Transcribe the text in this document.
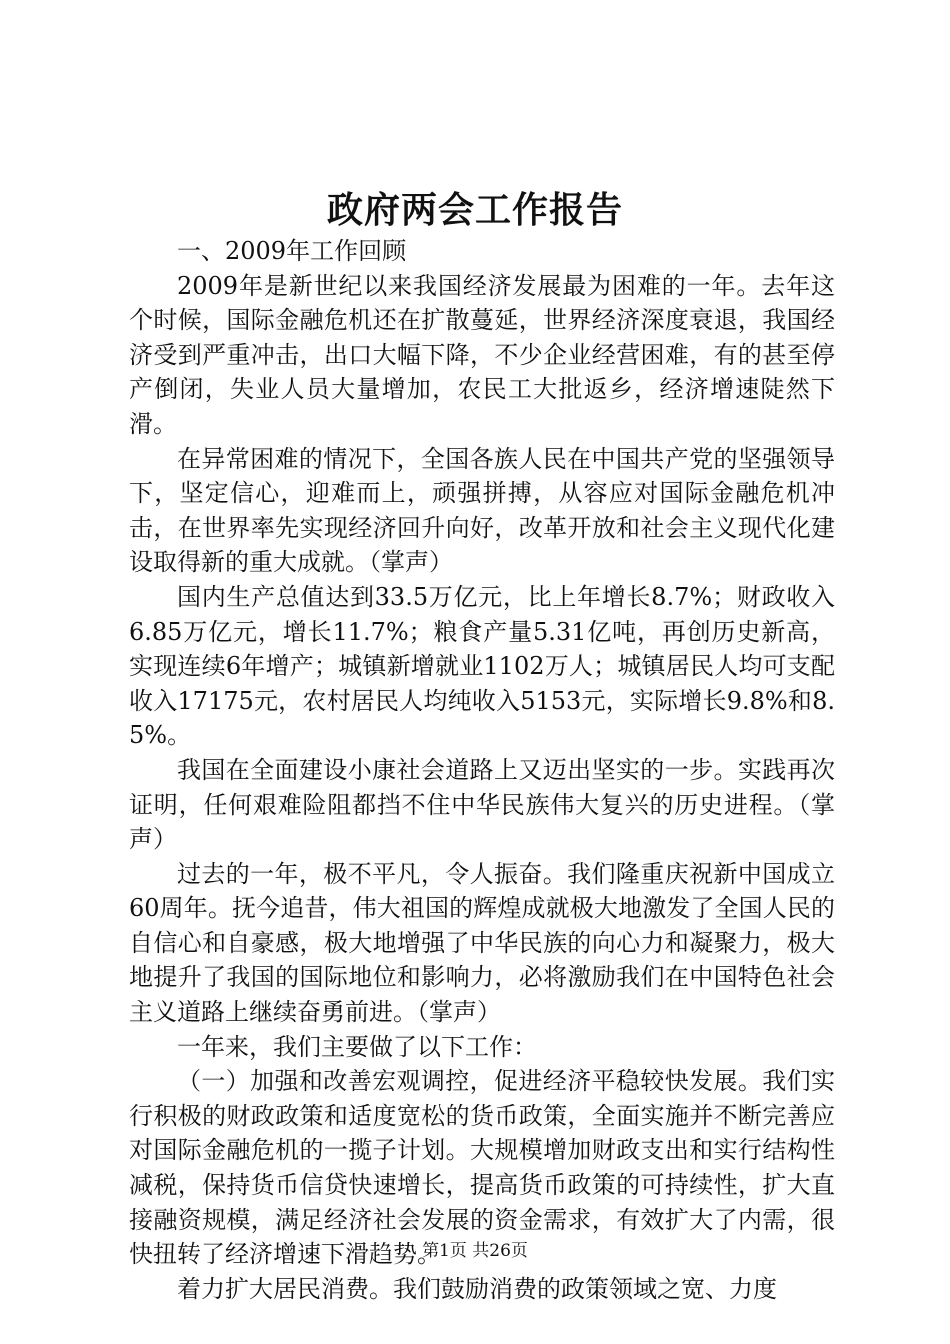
政府两会工作报告

一、2009年工作回顾

2009年是新世纪以来我国经济发展最为困难的一年。去年这个时候，国际金融危机还在扩散蔓延，世界经济深度衰退，我国经济受到严重冲击，出口大幅下降，不少企业经营困难，有的甚至停产倒闭，失业人员大量增加，农民工大批返乡，经济增速陡然下滑。

在异常困难的情况下，全国各族人民在中国共产党的坚强领导下，坚定信心，迎难而上，顽强拼搏，从容应对国际金融危机冲击，在世界率先实现经济回升向好，改革开放和社会主义现代化建设取得新的重大成就。（掌声）

国内生产总值达到33.5万亿元，比上年增长8.7%；财政收入6.85万亿元，增长11.7%；粮食产量5.31亿吨，再创历史新高，实现连续6年增产；城镇新增就业1102万人；城镇居民人均可支配收入17175元，农村居民人均纯收入5153元，实际增长9.8%和8.5%。

我国在全面建设小康社会道路上又迈出坚实的一步。实践再次证明，任何艰难险阻都挡不住中华民族伟大复兴的历史进程。（掌声）

过去的一年，极不平凡，令人振奋。我们隆重庆祝新中国成立60周年。抚今追昔，伟大祖国的辉煌成就极大地激发了全国人民的自信心和自豪感，极大地增强了中华民族的向心力和凝聚力，极大地提升了我国的国际地位和影响力，必将激励我们在中国特色社会主义道路上继续奋勇前进。（掌声）

一年来，我们主要做了以下工作：

（一）加强和改善宏观调控，促进经济平稳较快发展。我们实行积极的财政政策和适度宽松的货币政策，全面实施并不断完善应对国际金融危机的一揽子计划。大规模增加财政支出和实行结构性减税，保持货币信贷快速增长，提高货币政策的可持续性，扩大直接融资规模，满足经济社会发展的资金需求，有效扩大了内需，很快扭转了经济增速下滑趋势。

着力扩大居民消费。我们鼓励消费的政策领域之宽、力度

第1页 共26页
